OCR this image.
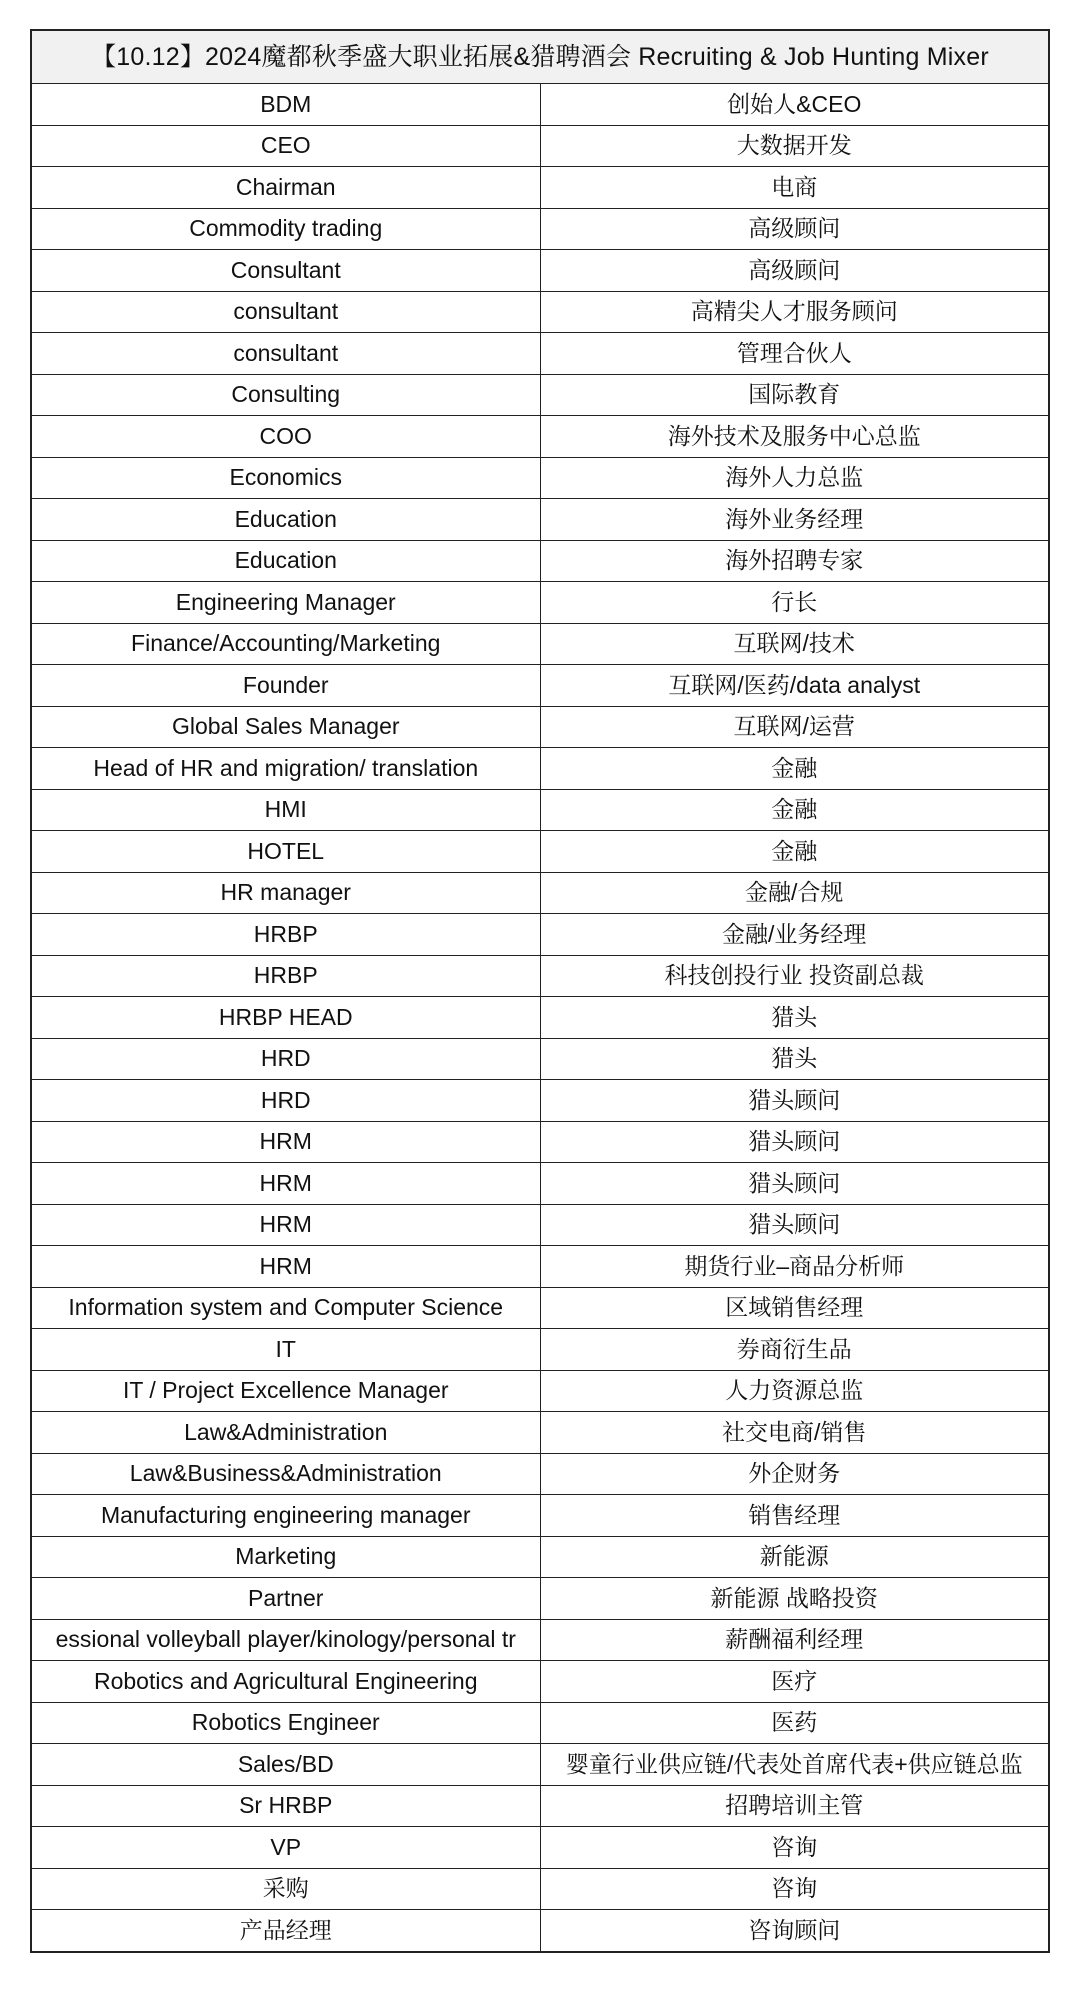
【10.12】2024魔都秋季盛大职业拓展&猎聘酒会 Recruiting & Job Hunting Mixer	
BDM	创始人&CEO
CEO	大数据开发
Chairman	电商
Commodity trading	高级顾问
Consultant	高级顾问
consultant	高精尖人才服务顾问
consultant	管理合伙人
Consulting	国际教育
COO	海外技术及服务中心总监
Economics	海外人力总监
Education	海外业务经理
Education	海外招聘专家
Engineering Manager	行长
Finance/Accounting/Marketing	互联网/技术
Founder	互联网/医药/data analyst
Global Sales Manager	互联网/运营
Head of HR and migration/ translation	金融
HMI	金融
HOTEL	金融
HR manager	金融/合规
HRBP	金融/业务经理
HRBP	科技创投行业 投资副总裁
HRBP HEAD	猎头
HRD	猎头
HRD	猎头顾问
HRM	猎头顾问
HRM	猎头顾问
HRM	猎头顾问
HRM	期货行业–商品分析师
Information system and Computer Science	区域销售经理
IT	券商衍生品
IT / Project Excellence Manager	人力资源总监
Law&Administration	社交电商/销售
Law&Business&Administration	外企财务
Manufacturing engineering manager	销售经理
Marketing	新能源
Partner	新能源 战略投资
essional volleyball player/kinology/personal tr	薪酬福利经理
Robotics and Agricultural Engineering	医疗
Robotics Engineer	医药
Sales/BD	婴童行业供应链/代表处首席代表+供应链总监
Sr HRBP	招聘培训主管
VP	咨询
采购	咨询
产品经理	咨询顾问
